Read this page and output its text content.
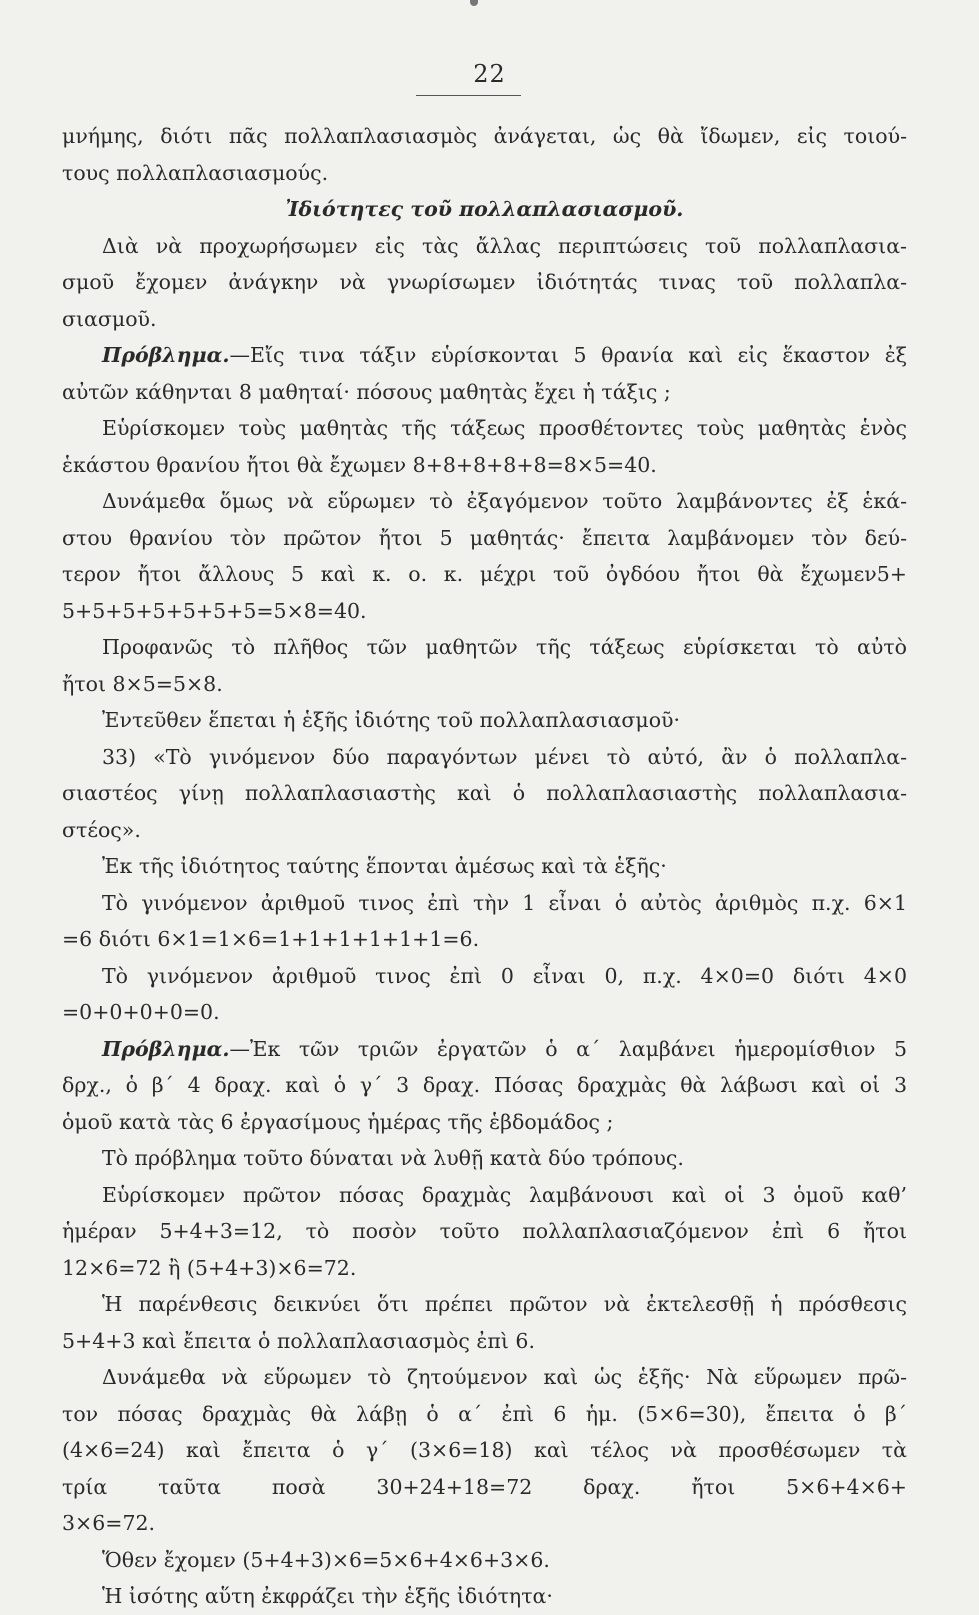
22
μνήμης, διότι πᾶς πολλαπλασιασμὸς ἀνάγεται, ὡς θὰ ἴδωμεν, εἰς τοιού-
τους πολλαπλασιασμούς.
Ἰδιότητες τοῦ πολλαπλασιασμοῦ.
Διὰ νὰ προχωρήσωμεν εἰς τὰς ἄλλας περιπτώσεις τοῦ πολλαπλασια-
σμοῦ ἔχομεν ἀνάγκην νὰ γνωρίσωμεν ἰδιότητάς τινας τοῦ πολλαπλα-
σιασμοῦ.
Πρόβλημα.—Εἴς τινα τάξιν εὑρίσκονται 5 θρανία καὶ εἰς ἕκαστον ἐξ
αὐτῶν κάθηνται 8 μαθηταί· πόσους μαθητὰς ἔχει ἡ τάξις ;
Εὑρίσκομεν τοὺς μαθητὰς τῆς τάξεως προσθέτοντες τοὺς μαθητὰς ἑνὸς
ἑκάστου θρανίου ἤτοι θὰ ἔχωμεν 8+8+8+8+8=8×5=40.
Δυνάμεθα ὅμως νὰ εὕρωμεν τὸ ἐξαγόμενον τοῦτο λαμβάνοντες ἐξ ἑκά-
στου θρανίου τὸν πρῶτον ἤτοι 5 μαθητάς· ἔπειτα λαμβάνομεν τὸν δεύ-
τερον ἤτοι ἄλλους 5 καὶ κ. ο. κ. μέχρι τοῦ ὀγδόου ἤτοι θὰ ἔχωμεν5+
5+5+5+5+5+5+5=5×8=40.
Προφανῶς τὸ πλῆθος τῶν μαθητῶν τῆς τάξεως εὑρίσκεται τὸ αὐτὸ
ἤτοι 8×5=5×8.
Ἐντεῦθεν ἕπεται ἡ ἑξῆς ἰδιότης τοῦ πολλαπλασιασμοῦ·
33) «Τὸ γινόμενον δύο παραγόντων μένει τὸ αὐτό, ἂν ὁ πολλαπλα-
σιαστέος γίνῃ πολλαπλασιαστὴς καὶ ὁ πολλαπλασιαστὴς πολλαπλασια-
στέος».
Ἐκ τῆς ἰδιότητος ταύτης ἕπονται ἀμέσως καὶ τὰ ἑξῆς·
Τὸ γινόμενον ἀριθμοῦ τινος ἐπὶ τὴν 1 εἶναι ὁ αὐτὸς ἀριθμὸς π.χ. 6×1
=6 διότι 6×1=1×6=1+1+1+1+1+1=6.
Τὸ γινόμενον ἀριθμοῦ τινος ἐπὶ 0 εἶναι 0, π.χ. 4×0=0 διότι 4×0
=0+0+0+0=0.
Πρόβλημα.—Ἐκ τῶν τριῶν ἐργατῶν ὁ α´ λαμβάνει ἡμερομίσθιον 5
δρχ., ὁ β´ 4 δραχ. καὶ ὁ γ´ 3 δραχ. Πόσας δραχμὰς θὰ λάβωσι καὶ οἱ 3
ὁμοῦ κατὰ τὰς 6 ἐργασίμους ἡμέρας τῆς ἑβδομάδος ;
Τὸ πρόβλημα τοῦτο δύναται νὰ λυθῇ κατὰ δύο τρόπους.
Εὑρίσκομεν πρῶτον πόσας δραχμὰς λαμβάνουσι καὶ οἱ 3 ὁμοῦ καθ’
ἡμέραν 5+4+3=12, τὸ ποσὸν τοῦτο πολλαπλασιαζόμενον ἐπὶ 6 ἤτοι
12×6=72 ἢ (5+4+3)×6=72.
Ἡ παρένθεσις δεικνύει ὅτι πρέπει πρῶτον νὰ ἐκτελεσθῇ ἡ πρόσθεσις
5+4+3 καὶ ἔπειτα ὁ πολλαπλασιασμὸς ἐπὶ 6.
Δυνάμεθα νὰ εὕρωμεν τὸ ζητούμενον καὶ ὡς ἑξῆς· Νὰ εὕρωμεν πρῶ-
τον πόσας δραχμὰς θὰ λάβῃ ὁ α´ ἐπὶ 6 ἡμ. (5×6=30), ἔπειτα ὁ β´
(4×6=24) καὶ ἔπειτα ὁ γ´ (3×6=18) καὶ τέλος νὰ προσθέσωμεν τὰ
τρία ταῦτα ποσὰ 30+24+18=72 δραχ. ἤτοι 5×6+4×6+
3×6=72.
Ὅθεν ἔχομεν (5+4+3)×6=5×6+4×6+3×6.
Ἡ ἰσότης αὕτη ἐκφράζει τὴν ἑξῆς ἰδιότητα·
